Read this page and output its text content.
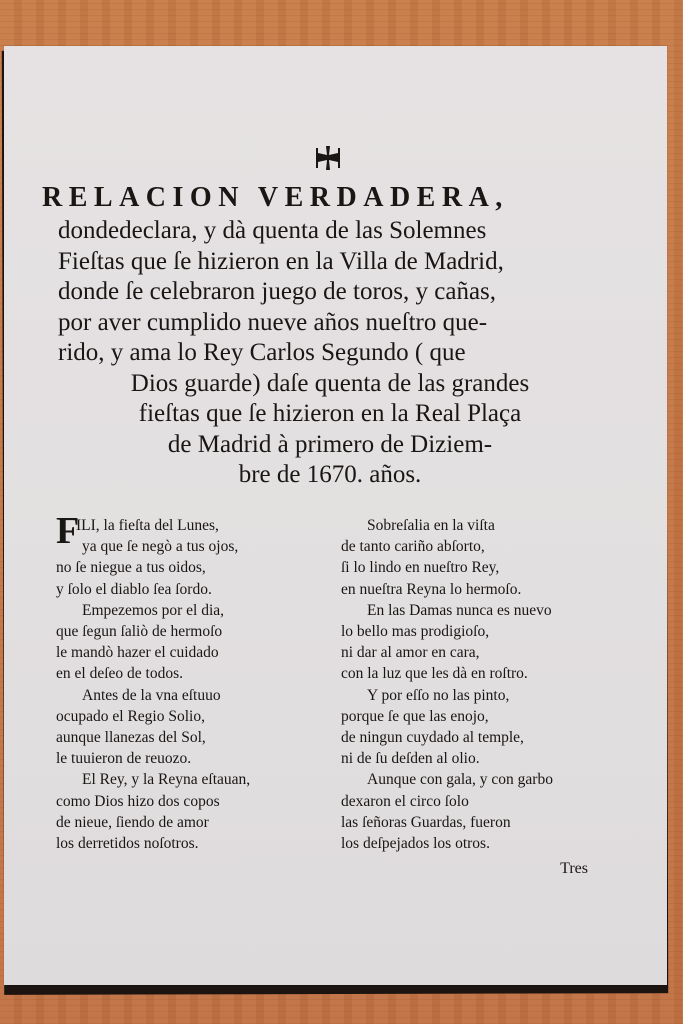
RELACION VERDADERA,

dondedeclara, y dà quenta de las Solemnes

Fieſtas que ſe hizieron en la Villa de Madrid,

donde ſe celebraron juego de toros, y cañas,

por aver cumplido nueve años nueſtro que-

rido, y ama lo Rey Carlos Segundo ( que

Dios guarde) daſe quenta de las grandes

fieſtas que ſe hizieron en la Real Plaça

de Madrid à primero de Diziem-

bre de 1670. años.

F
ILI, la fieſta del Lunes,

ya que ſe negò a tus ojos,

no ſe niegue a tus oidos,

y ſolo el diablo ſea ſordo.

Empezemos por el dia,

que ſegun ſaliò de hermoſo

le mandò hazer el cuidado

en el deſeo de todos.

Antes de la vna eſtuuo

ocupado el Regio Solio,

aunque llanezas del Sol,

le tuuieron de reuozo.

El Rey, y la Reyna eſtauan,

como Dios hizo dos copos

de nieue, ſiendo de amor

los derretidos noſotros.

Sobreſalia en la viſta

de tanto cariño abſorto,

ſi lo lindo en nueſtro Rey,

en nueſtra Reyna lo hermoſo.

En las Damas nunca es nuevo

lo bello mas prodigioſo,

ni dar al amor en cara,

con la luz que les dà en roſtro.

Y por eſſo no las pinto,

porque ſe que las enojo,

de ningun cuydado al temple,

ni de ſu deſden al olio.

Aunque con gala, y con garbo

dexaron el circo ſolo

las ſeñoras Guardas, fueron

los deſpejados los otros.

Tres
